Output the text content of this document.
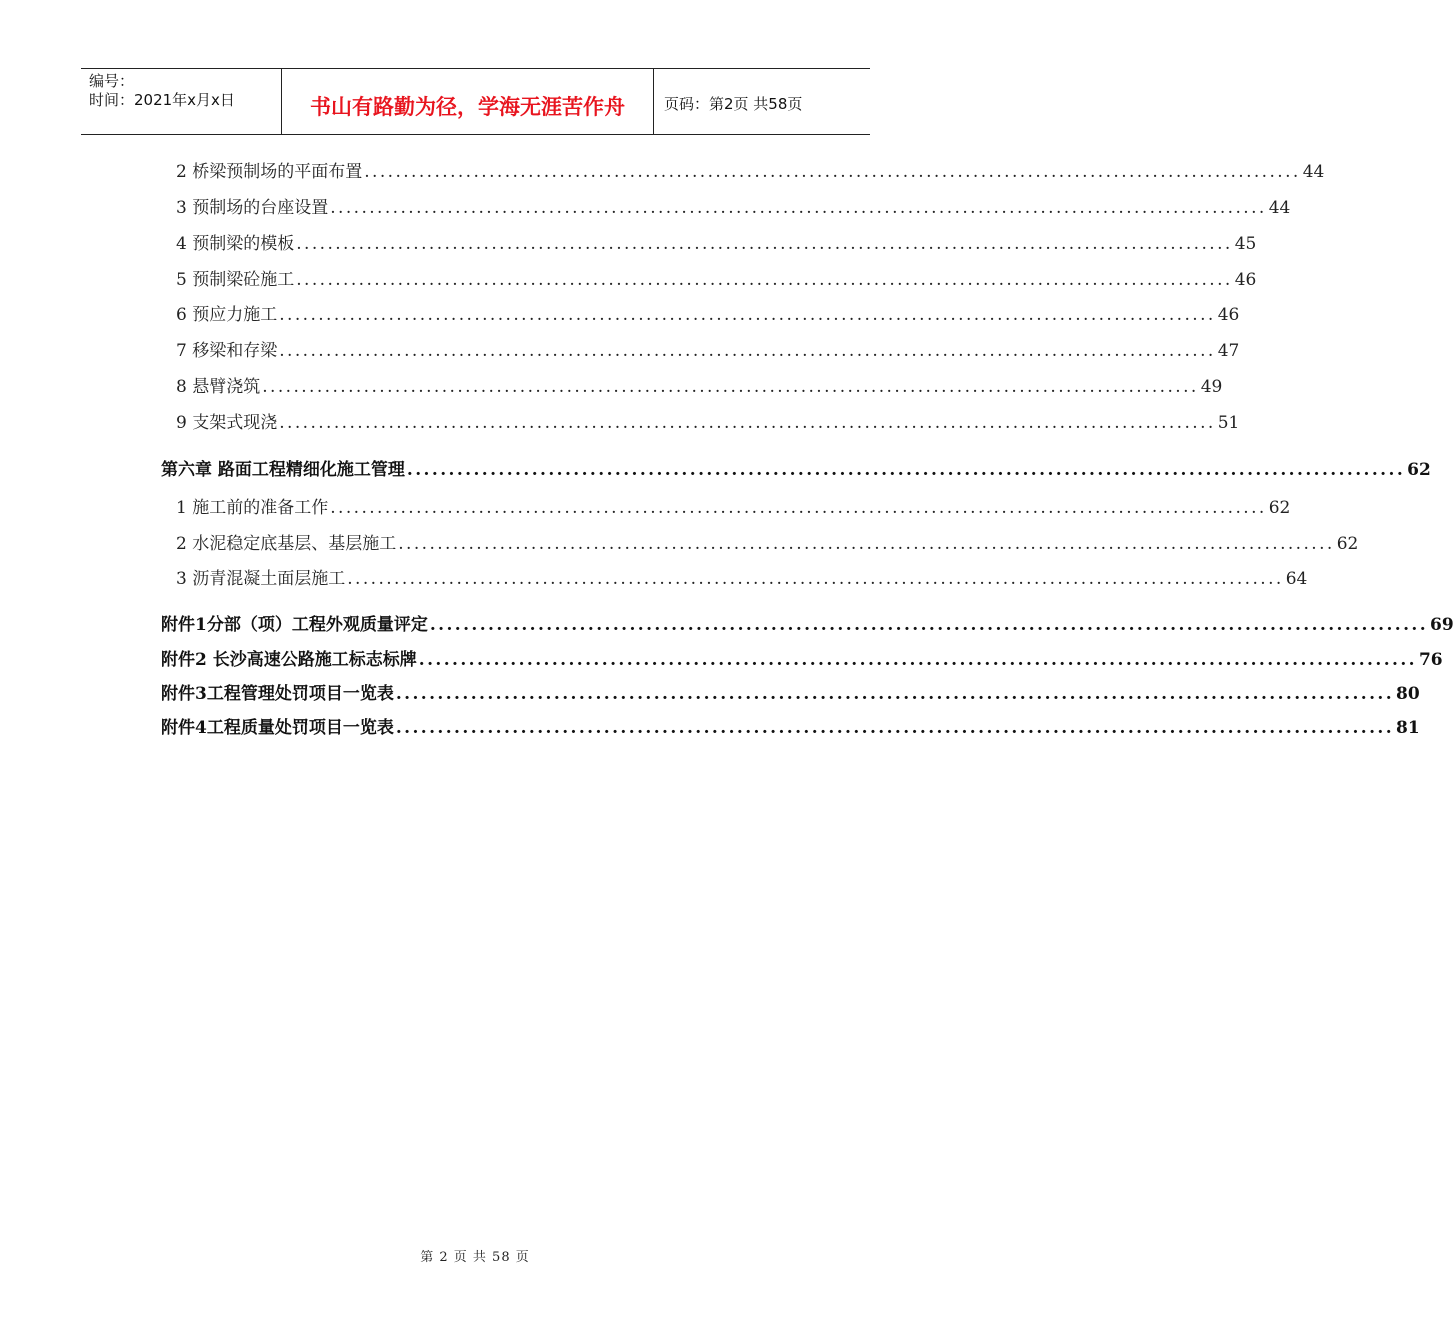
编号：
时间：2021年x月x日	书山有路勤为径，学海无涯苦作舟	页码：第2页 共58页
2 桥梁预制场的平面布置 ........................................................................................................................ 44
3 预制场的台座设置 ........................................................................................................................ 44
4 预制梁的模板 ........................................................................................................................ 45
5 预制梁砼施工 ........................................................................................................................ 46
6 预应力施工 ........................................................................................................................ 46
7 移梁和存梁 ........................................................................................................................ 47
8 悬臂浇筑 ........................................................................................................................ 49
9 支架式现浇 ........................................................................................................................ 51
第六章 路面工程精细化施工管理 ........................................................................................................................ 62
1 施工前的准备工作 ........................................................................................................................ 62
2 水泥稳定底基层、基层施工 ........................................................................................................................ 62
3 沥青混凝土面层施工 ........................................................................................................................ 64
附件1分部（项）工程外观质量评定 ........................................................................................................................ 69
附件2 长沙高速公路施工标志标牌 ........................................................................................................................ 76
附件3工程管理处罚项目一览表 ........................................................................................................................ 80
附件4工程质量处罚项目一览表 ........................................................................................................................ 81
第 2 页 共 58 页
